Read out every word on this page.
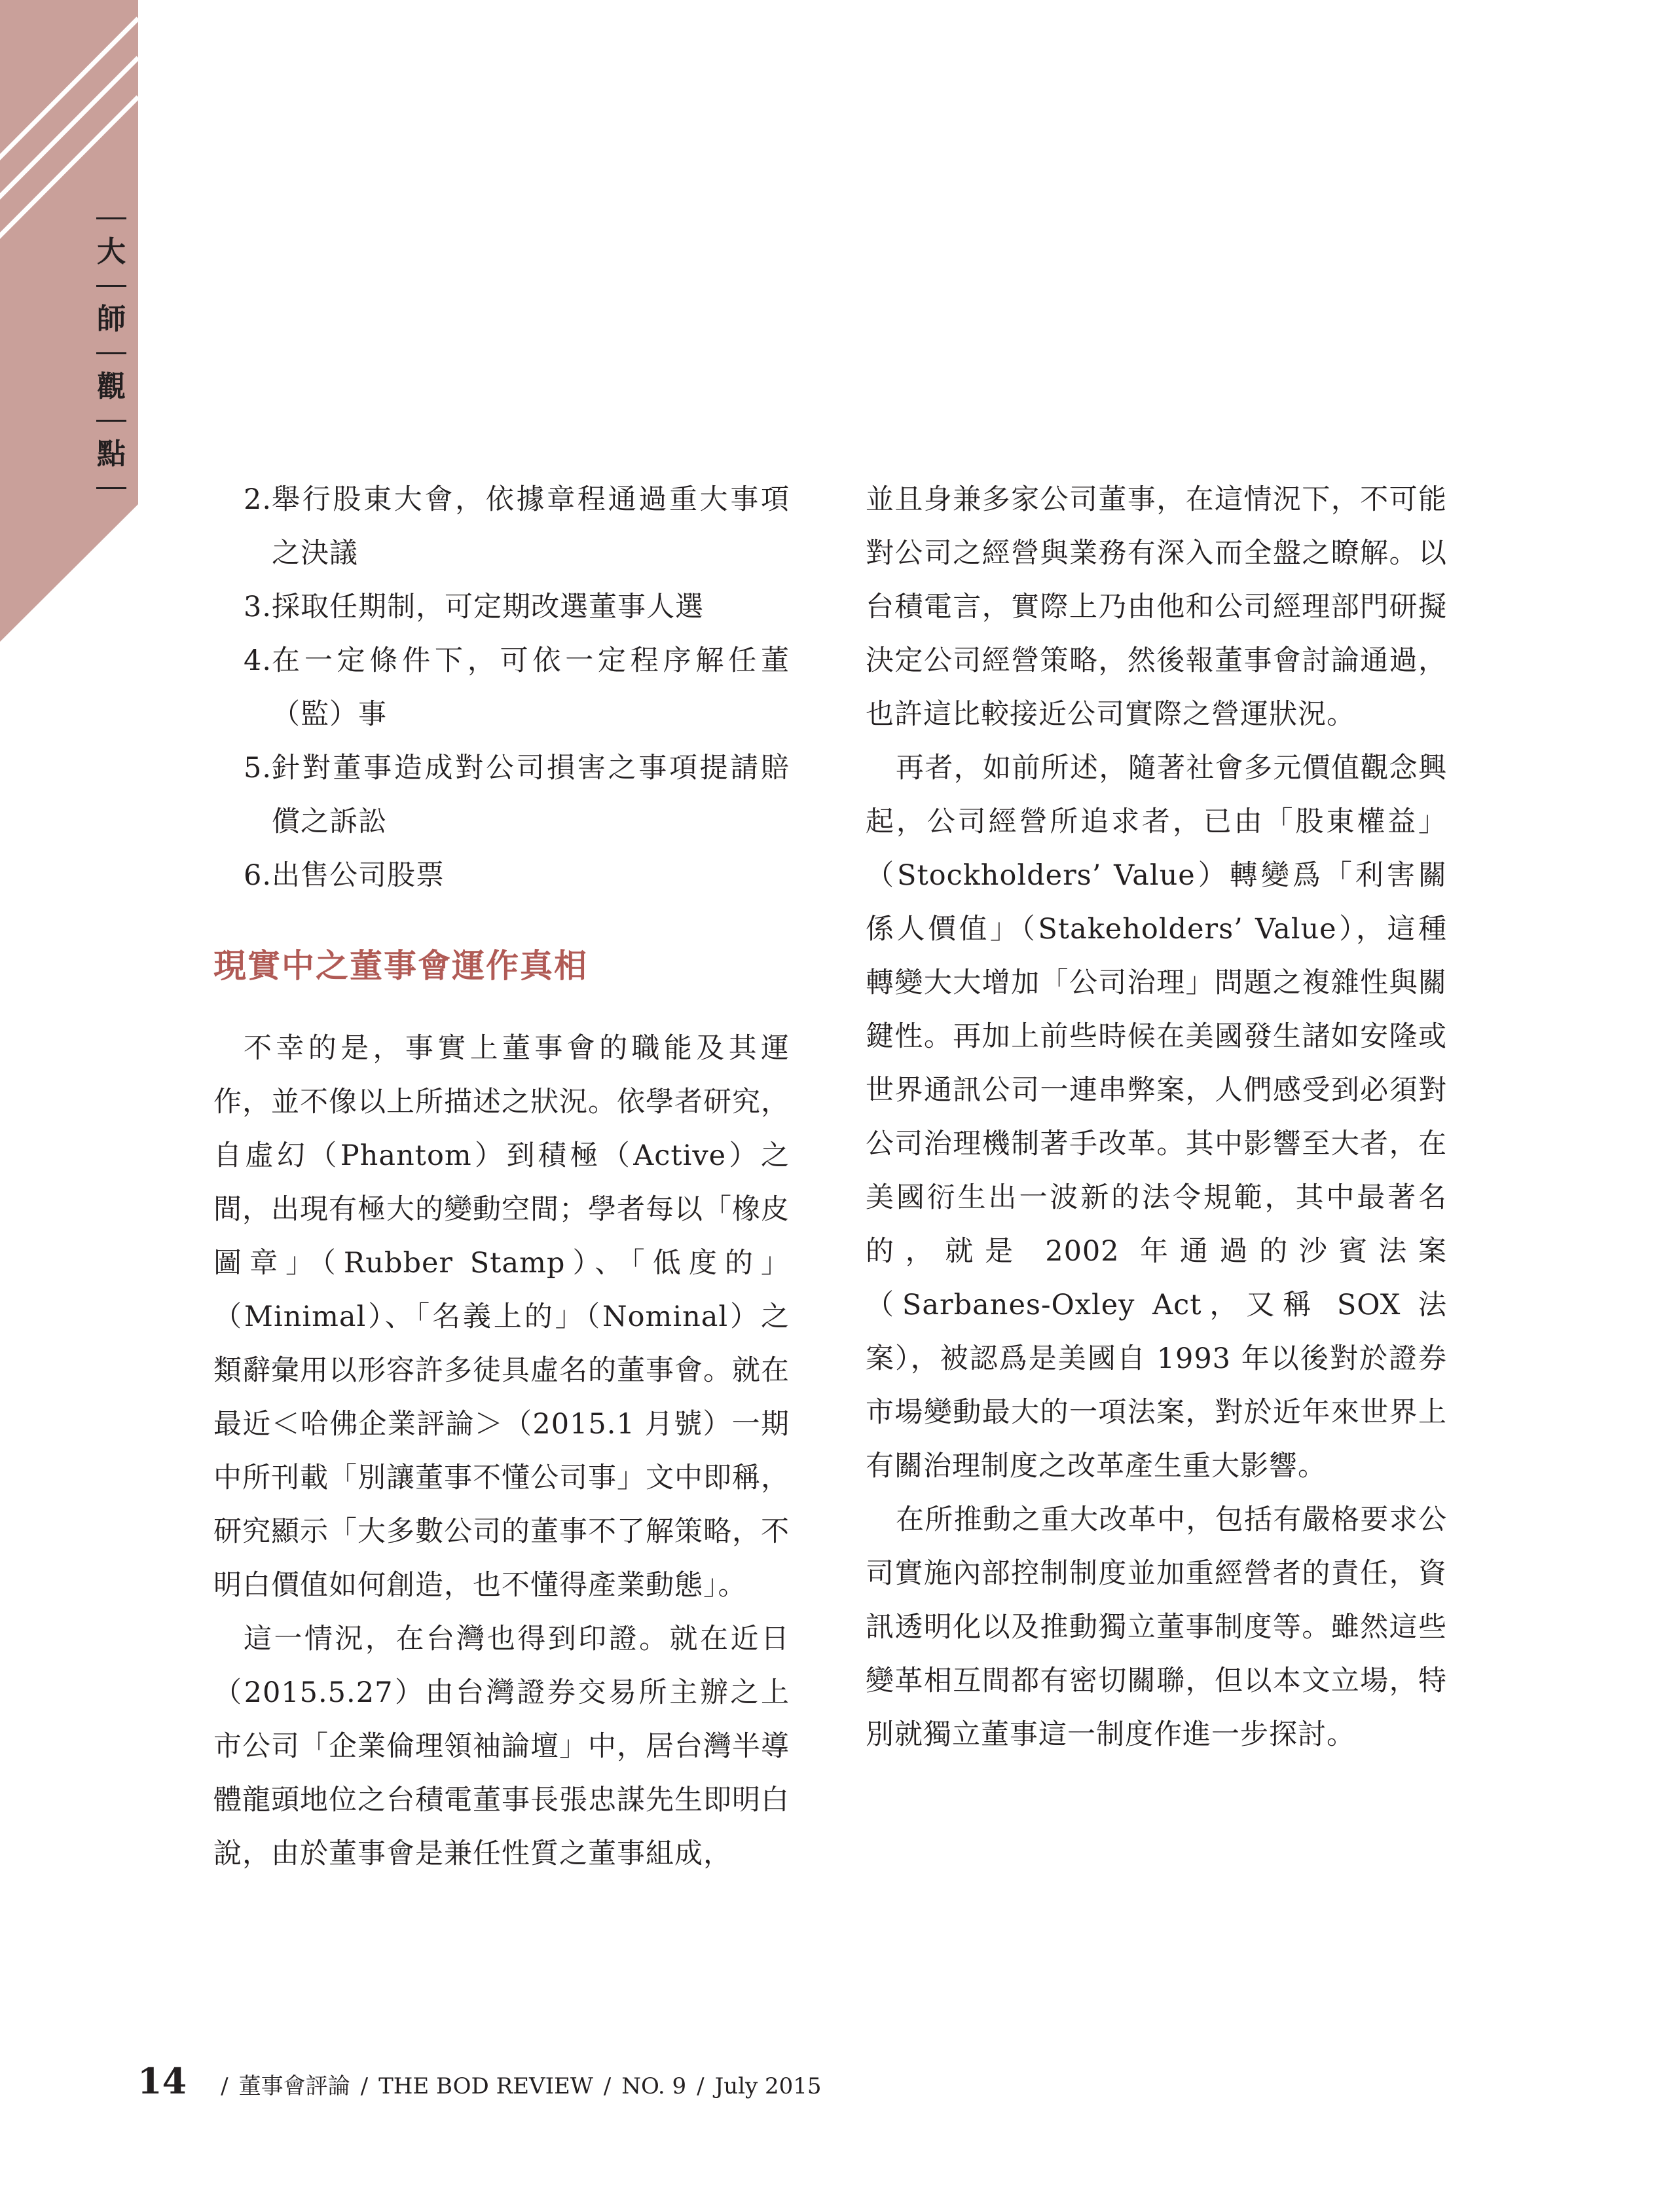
大
師
觀
點
2. 舉行股東大會，依據章程通過重大事項之決議
3. 採取任期制，可定期改選董事人選
4. 在一定條件下，可依一定程序解任董（監）事
5. 針對董事造成對公司損害之事項提請賠償之訴訟
6. 出售公司股票
現實中之董事會運作真相

不幸的是，事實上董事會的職能及其運作，並不像以上所描述之狀況。依學者研究，自虛幻（Phantom）到積極（Active）之間，出現有極大的變動空間；學者每以「橡皮圖章」（Rubber Stamp）、「低度的」（Minimal）、「名義上的」（Nominal）之類辭彙用以形容許多徒具虛名的董事會。就在最近＜哈佛企業評論＞（2015.1 月號）一期中所刊載「別讓董事不懂公司事」文中即稱，研究顯示「大多數公司的董事不了解策略，不明白價值如何創造，也不懂得產業動態」。

這一情況，在台灣也得到印證。就在近日（2015.5.27）由台灣證券交易所主辦之上市公司「企業倫理領袖論壇」中，居台灣半導體龍頭地位之台積電董事長張忠謀先生即明白說，由於董事會是兼任性質之董事組成，

並且身兼多家公司董事，在這情況下，不可能對公司之經營與業務有深入而全盤之瞭解。以台積電言，實際上乃由他和公司經理部門研擬決定公司經營策略，然後報董事會討論通過，也許這比較接近公司實際之營運狀況。

再者，如前所述，隨著社會多元價值觀念興起，公司經營所追求者，已由「股東權益」（Stockholders’ Value）轉變爲「利害關係人價值」（Stakeholders’ Value），這種轉變大大增加「公司治理」問題之複雜性與關鍵性。再加上前些時候在美國發生諸如安隆或世界通訊公司一連串弊案，人們感受到必須對公司治理機制著手改革。其中影響至大者，在美國衍生出一波新的法令規範，其中最著名的，就是 2002 年通過的沙賓法案（Sarbanes-Oxley Act，又稱 SOX 法案），被認爲是美國自 1993 年以後對於證券市場變動最大的一項法案，對於近年來世界上有關治理制度之改革產生重大影響。

在所推動之重大改革中，包括有嚴格要求公司實施內部控制制度並加重經營者的責任，資訊透明化以及推動獨立董事制度等。雖然這些變革相互間都有密切關聯，但以本文立場，特別就獨立董事這一制度作進一步探討。

14 / 董事會評論 / THE BOD REVIEW / NO. 9 / July 2015
